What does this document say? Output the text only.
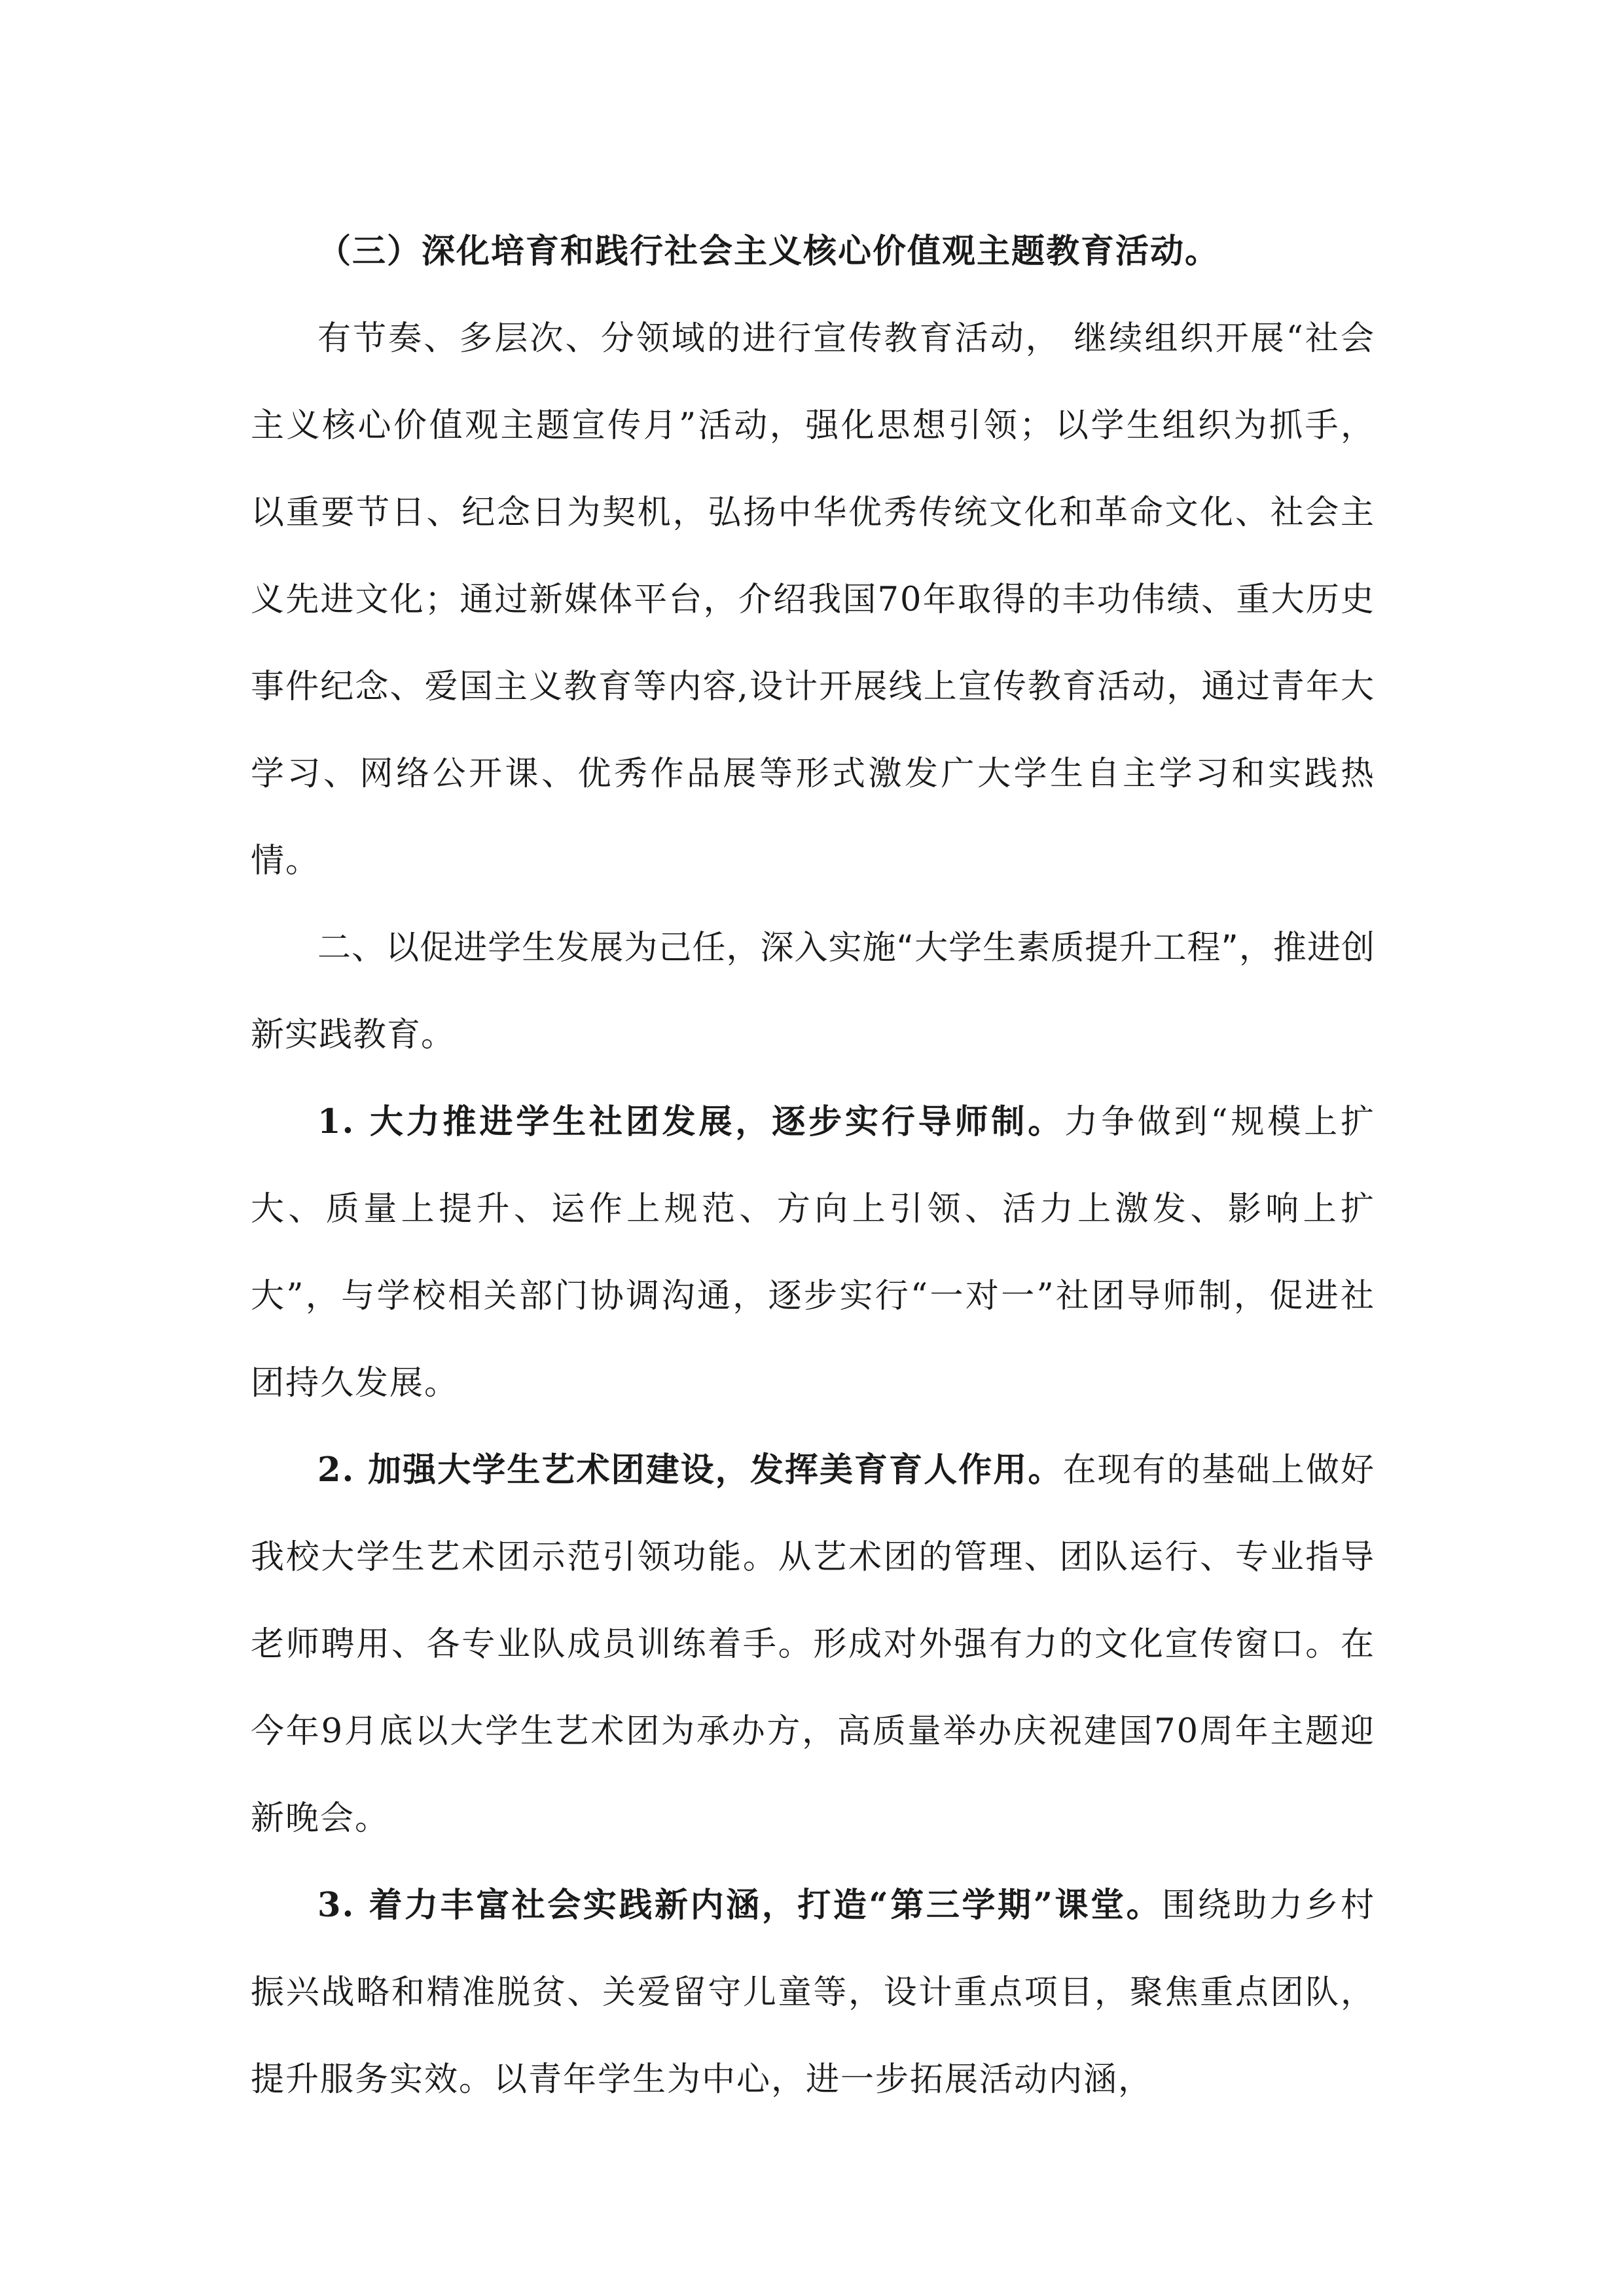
（三）深化培育和践行社会主义核心价值观主题教育活动。

有节奏、多层次、分领域的进行宣传教育活动， 继续组织开展“社会主义核心价值观主题宣传月”活动，强化思想引领；以学生组织为抓手，以重要节日、纪念日为契机，弘扬中华优秀传统文化和革命文化、社会主义先进文化；通过新媒体平台，介绍我国70年取得的丰功伟绩、重大历史事件纪念、爱国主义教育等内容,设计开展线上宣传教育活动，通过青年大学习、网络公开课、优秀作品展等形式激发广大学生自主学习和实践热情。

二、以促进学生发展为己任，深入实施“大学生素质提升工程”，推进创新实践教育。

1. 大力推进学生社团发展，逐步实行导师制。力争做到“规模上扩大、质量上提升、运作上规范、方向上引领、活力上激发、影响上扩大”，与学校相关部门协调沟通，逐步实行“一对一”社团导师制，促进社团持久发展。

2. 加强大学生艺术团建设，发挥美育育人作用。在现有的基础上做好我校大学生艺术团示范引领功能。从艺术团的管理、团队运行、专业指导老师聘用、各专业队成员训练着手。形成对外强有力的文化宣传窗口。在今年9月底以大学生艺术团为承办方，高质量举办庆祝建国70周年主题迎新晚会。

3. 着力丰富社会实践新内涵，打造“第三学期”课堂。围绕助力乡村振兴战略和精准脱贫、关爱留守儿童等，设计重点项目，聚焦重点团队，提升服务实效。以青年学生为中心，进一步拓展活动内涵，
